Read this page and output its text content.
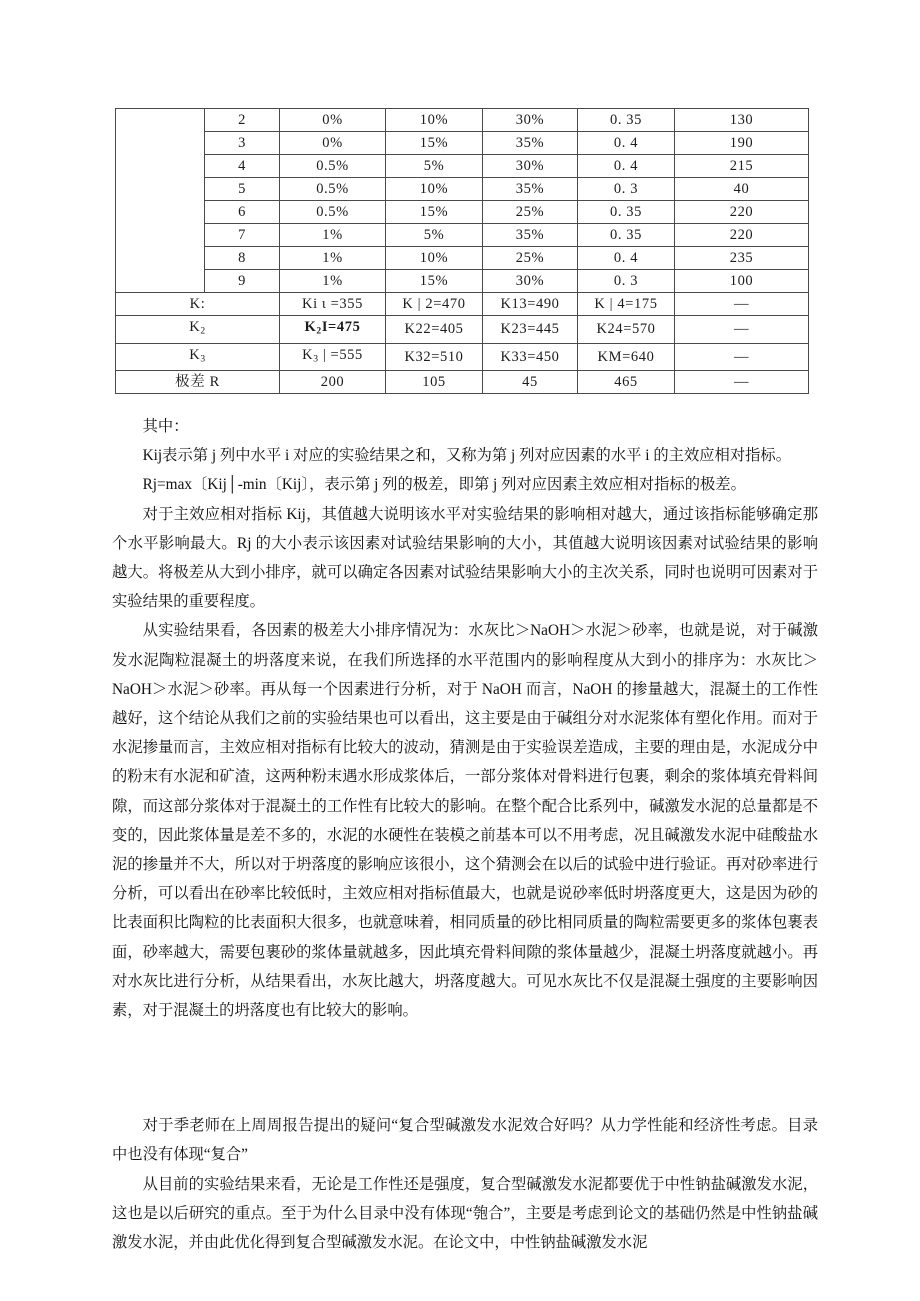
	2	0%	10%	30%	0. 35	130
	3	0%	15%	35%	0. 4	190
	4	0.5%	5%	30%	0. 4	215
	5	0.5%	10%	35%	0. 3	40
	6	0.5%	15%	25%	0. 35	220
	7	1%	5%	35%	0. 35	220
	8	1%	10%	25%	0. 4	235
	9	1%	15%	30%	0. 3	100
K:		Ki ι =355	K | 2=470	K13=490	K | 4=175	—
$K_2$		$K_2I=475$	K22=405	K23=445	K24=570	—
$K_3$		$K_3$ | =555	K32=510	K33=450	KM=640	—
极差 R		200	105	45	465	—

其中：

Kij表示第 j 列中水平 i 对应的实验结果之和，又称为第 j 列对应因素的水平 i 的主效应相对指标。

Rj=max〔Kij│-min〔Kij〕，表示第 j 列的极差，即第 j 列对应因素主效应相对指标的极差。

对于主效应相对指标 Kij，其值越大说明该水平对实验结果的影响相对越大，通过该指标能够确定那个水平影响最大。Rj 的大小表示该因素对试验结果影响的大小，其值越大说明该因素对试验结果的影响越大。将极差从大到小排序，就可以确定各因素对试验结果影响大小的主次关系，同时也说明可因素对于实验结果的重要程度。

从实验结果看，各因素的极差大小排序情况为：水灰比＞NaOH＞水泥＞砂率，也就是说，对于碱激发水泥陶粒混凝土的坍落度来说，在我们所选择的水平范围内的影响程度从大到小的排序为：水灰比＞NaOH＞水泥＞砂率。再从每一个因素进行分析，对于 NaOH 而言，NaOH 的掺量越大，混凝土的工作性越好，这个结论从我们之前的实验结果也可以看出，这主要是由于碱组分对水泥浆体有塑化作用。而对于水泥掺量而言，主效应相对指标有比较大的波动，猜测是由于实验误差造成，主要的理由是，水泥成分中的粉末有水泥和矿渣，这两种粉末遇水形成浆体后，一部分浆体对骨料进行包裹，剩余的浆体填充骨料间隙，而这部分浆体对于混凝土的工作性有比较大的影响。在整个配合比系列中，碱激发水泥的总量都是不变的，因此浆体量是差不多的，水泥的水硬性在装模之前基本可以不用考虑，况且碱激发水泥中硅酸盐水泥的掺量并不大，所以对于坍落度的影响应该很小，这个猜测会在以后的试验中进行验证。再对砂率进行分析，可以看出在砂率比较低时，主效应相对指标值最大，也就是说砂率低时坍落度更大，这是因为砂的比表面积比陶粒的比表面积大很多，也就意味着，相同质量的砂比相同质量的陶粒需要更多的浆体包裹表面，砂率越大，需要包裹砂的浆体量就越多，因此填充骨料间隙的浆体量越少，混凝土坍落度就越小。再对水灰比进行分析，从结果看出，水灰比越大，坍落度越大。可见水灰比不仅是混凝土强度的主要影响因素，对于混凝土的坍落度也有比较大的影响。

对于季老师在上周周报告提出的疑问“复合型碱激发水泥效合好吗？从力学性能和经济性考虑。目录中也没有体现“复合”

从目前的实验结果来看，无论是工作性还是强度，复合型碱激发水泥都要优于中性钠盐碱激发水泥，这也是以后研究的重点。至于为什么目录中没有体现“匏合”，主要是考虑到论文的基础仍然是中性钠盐碱激发水泥，并由此优化得到复合型碱激发水泥。在论文中，中性钠盐碱激发水泥
